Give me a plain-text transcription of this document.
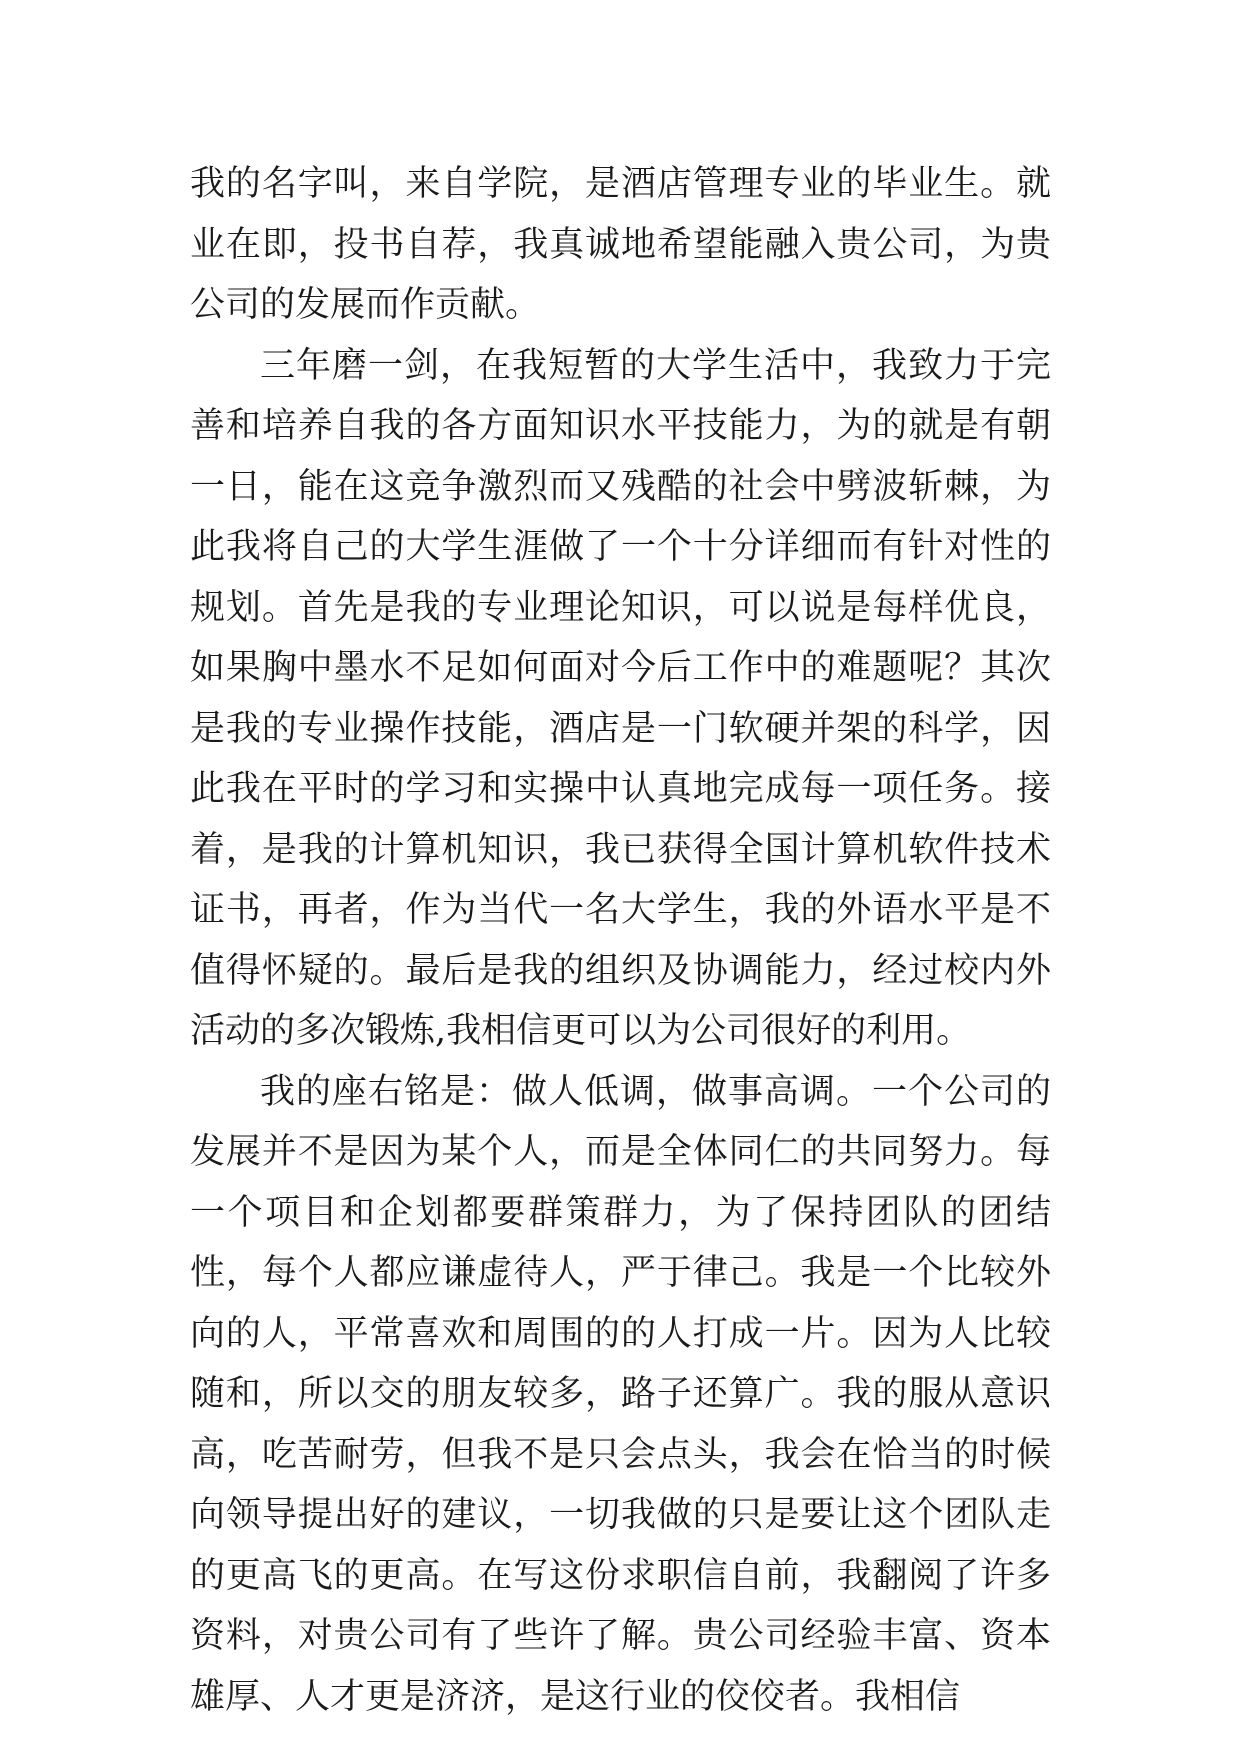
我的名字叫，来自学院，是酒店管理专业的毕业生。就业在即，投书自荐，我真诚地希望能融入贵公司，为贵公司的发展而作贡献。

三年磨一剑，在我短暂的大学生活中，我致力于完善和培养自我的各方面知识水平技能力，为的就是有朝一日，能在这竞争激烈而又残酷的社会中劈波斩棘，为此我将自己的大学生涯做了一个十分详细而有针对性的规划。首先是我的专业理论知识，可以说是每样优良，如果胸中墨水不足如何面对今后工作中的难题呢？其次是我的专业操作技能，酒店是一门软硬并架的科学，因此我在平时的学习和实操中认真地完成每一项任务。接着，是我的计算机知识，我已获得全国计算机软件技术证书，再者，作为当代一名大学生，我的外语水平是不值得怀疑的。最后是我的组织及协调能力，经过校内外活动的多次锻炼,我相信更可以为公司很好的利用。

我的座右铭是：做人低调，做事高调。一个公司的发展并不是因为某个人，而是全体同仁的共同努力。每一个项目和企划都要群策群力，为了保持团队的团结性，每个人都应谦虚待人，严于律己。我是一个比较外向的人，平常喜欢和周围的的人打成一片。因为人比较随和，所以交的朋友较多，路子还算广。我的服从意识高，吃苦耐劳，但我不是只会点头，我会在恰当的时候向领导提出好的建议，一切我做的只是要让这个团队走的更高飞的更高。在写这份求职信自前，我翻阅了许多资料，对贵公司有了些许了解。贵公司经验丰富、资本雄厚、人才更是济济，是这行业的佼佼者。我相信
